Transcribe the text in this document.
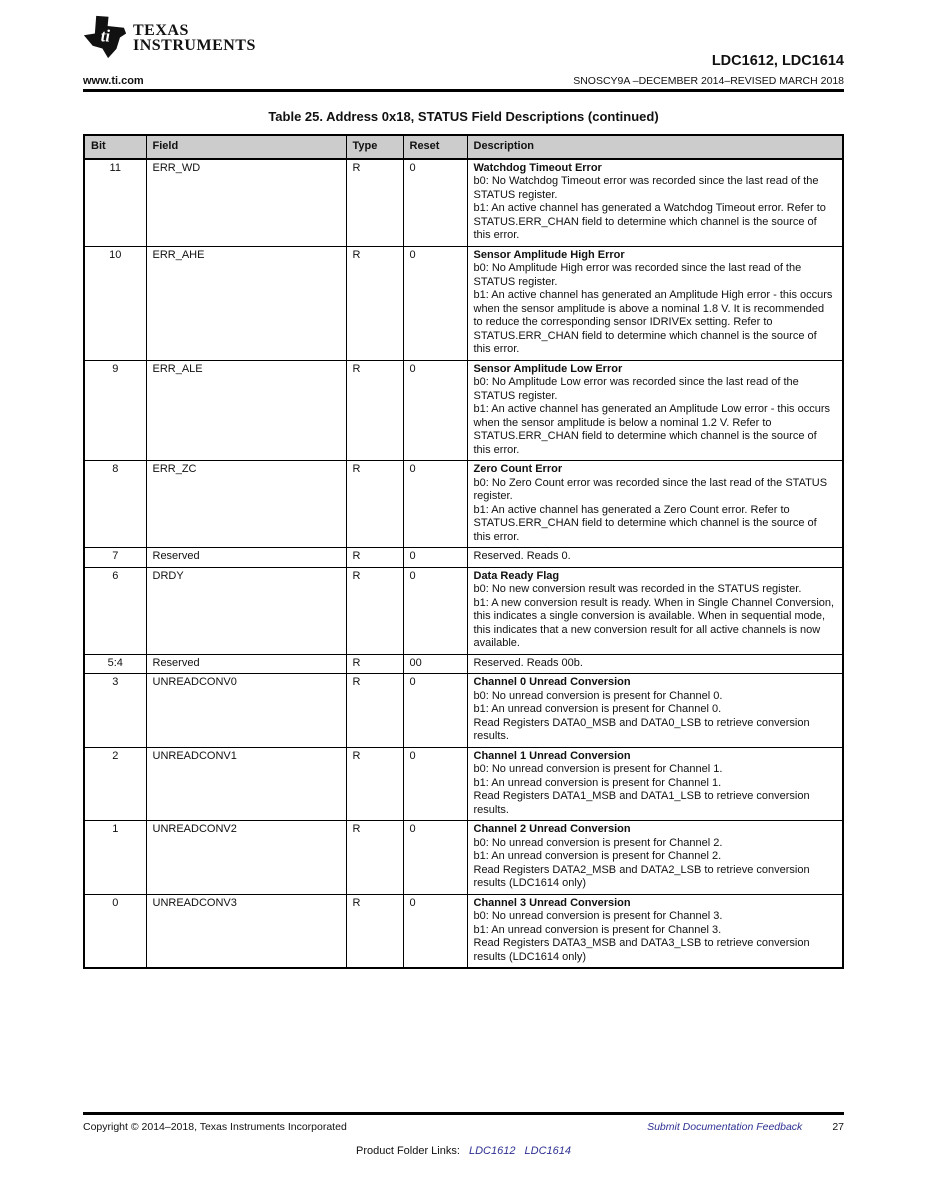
ti TEXAS
INSTRUMENTS
LDC1612, LDC1614
www.ti.com	SNOSCY9A –DECEMBER 2014–REVISED MARCH 2018
Table 25. Address 0x18, STATUS Field Descriptions (continued)
Bit	Field	Type	Reset	Description
11	ERR_WD	R	0	Watchdog Timeout Error
b0: No Watchdog Timeout error was recorded since the last read of the STATUS register.
b1: An active channel has generated a Watchdog Timeout error. Refer to STATUS.ERR_CHAN field to determine which channel is the source of this error.

10	ERR_AHE	R	0	Sensor Amplitude High Error
b0: No Amplitude High error was recorded since the last read of the STATUS register.
b1: An active channel has generated an Amplitude High error - this occurs when the sensor amplitude is above a nominal 1.8 V. It is recommended to reduce the corresponding sensor IDRIVEx setting. Refer to STATUS.ERR_CHAN field to determine which channel is the source of this error.

9	ERR_ALE	R	0	Sensor Amplitude Low Error
b0: No Amplitude Low error was recorded since the last read of the STATUS register.
b1: An active channel has generated an Amplitude Low error - this occurs when the sensor amplitude is below a nominal 1.2 V. Refer to STATUS.ERR_CHAN field to determine which channel is the source of this error.

8	ERR_ZC	R	0	Zero Count Error
b0: No Zero Count error was recorded since the last read of the STATUS register.
b1: An active channel has generated a Zero Count error. Refer to STATUS.ERR_CHAN field to determine which channel is the source of this error.

7	Reserved	R	0	Reserved. Reads 0.

6	DRDY	R	0	Data Ready Flag
b0: No new conversion result was recorded in the STATUS register.
b1: A new conversion result is ready. When in Single Channel Conversion, this indicates a single conversion is available. When in sequential mode, this indicates that a new conversion result for all active channels is now available.

5:4	Reserved	R	00	Reserved. Reads 00b.

3	UNREADCONV0	R	0	Channel 0 Unread Conversion
b0: No unread conversion is present for Channel 0.
b1: An unread conversion is present for Channel 0.
Read Registers DATA0_MSB and DATA0_LSB to retrieve conversion results.

2	UNREADCONV1	R	0	Channel 1 Unread Conversion
b0: No unread conversion is present for Channel 1.
b1: An unread conversion is present for Channel 1.
Read Registers DATA1_MSB and DATA1_LSB to retrieve conversion results.

1	UNREADCONV2	R	0	Channel 2 Unread Conversion
b0: No unread conversion is present for Channel 2.
b1: An unread conversion is present for Channel 2.
Read Registers DATA2_MSB and DATA2_LSB to retrieve conversion results (LDC1614 only)

0	UNREADCONV3	R	0	Channel 3 Unread Conversion
b0: No unread conversion is present for Channel 3.
b1: An unread conversion is present for Channel 3.
Read Registers DATA3_MSB and DATA3_LSB to retrieve conversion results (LDC1614 only)
Copyright © 2014–2018, Texas Instruments Incorporated	Submit Documentation Feedback	27
Product Folder Links: LDC1612 LDC1614
